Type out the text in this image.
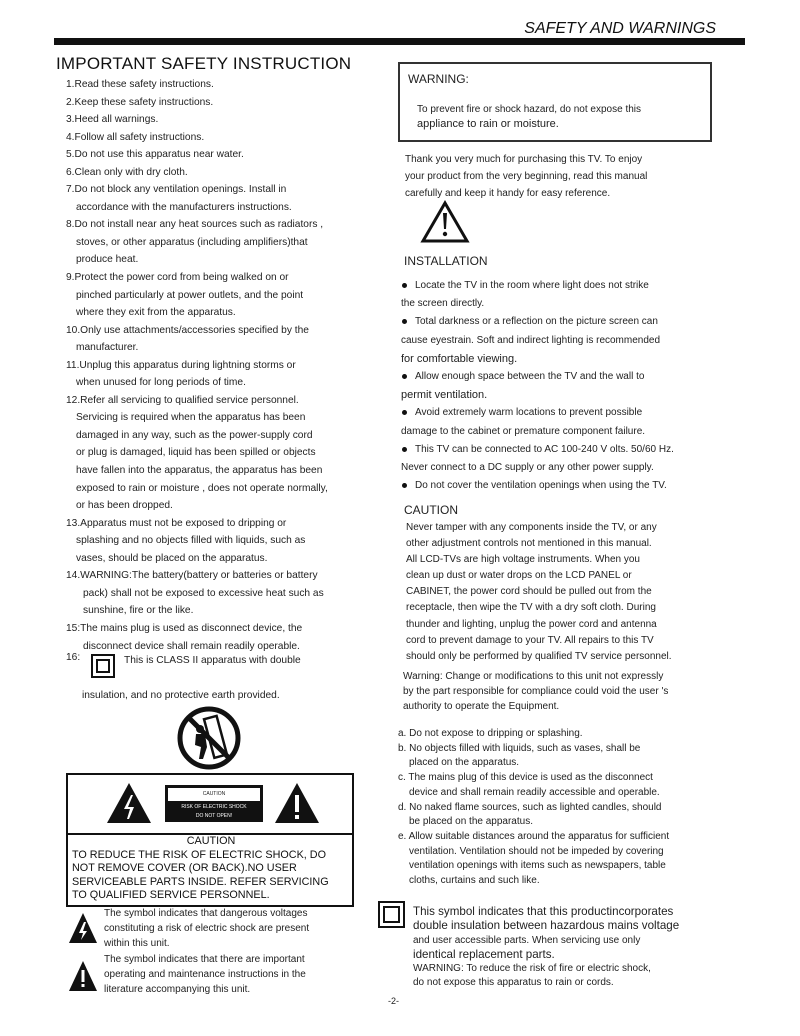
SAFETY AND WARNINGS
IMPORTANT SAFETY INSTRUCTION
1.Read these safety instructions.
2.Keep these safety instructions.
3.Heed all warnings.
4.Follow all safety instructions.
5.Do not use this apparatus near water.
6.Clean only with dry cloth.
7.Do not block any ventilation openings. Install in
accordance with the manufacturers instructions.
8.Do not install near any heat sources such as radiators ,
stoves, or other apparatus (including amplifiers)that
produce heat.
9.Protect the power cord from being walked on or
pinched particularly at power outlets, and the point
where they exit from the apparatus.
10.Only use attachments/accessories specified by the
manufacturer.
11.Unplug this apparatus during lightning storms or
when unused for long periods of time.
12.Refer all servicing to qualified service personnel.
Servicing is required when the apparatus has been
damaged in any way, such as the power-supply cord
or plug is damaged, liquid has been spilled or objects
have fallen into the apparatus, the apparatus has been
exposed to rain or moisture , does not operate normally,
or has been dropped.
13.Apparatus must not be exposed to dripping or
splashing and no objects filled with liquids, such as
vases, should be placed on the apparatus.
14.WARNING:The battery(battery or batteries or battery
pack) shall not be exposed to excessive heat such as
sunshine, fire or the like.
15:The mains plug is used as disconnect device, the
disconnect device shall remain readily operable.
16:	This is CLASS II apparatus with double
insulation, and no protective earth provided.
CAUTION
RISK OF ELECTRIC SHOCK
DO NOT OPEN!
CAUTION
TO REDUCE THE RISK OF ELECTRIC SHOCK, DO
NOT REMOVE COVER (OR BACK).NO USER
SERVICEABLE PARTS INSIDE. REFER SERVICING
TO QUALIFIED SERVICE PERSONNEL.
The symbol indicates that dangerous voltages
constituting a risk of electric shock are present
within this unit.
The symbol indicates that there are important
operating and maintenance instructions in the
literature accompanying this unit.
WARNING:
To prevent fire or shock hazard, do not expose this
appliance to rain or moisture.
Thank you very much for purchasing this TV. To enjoy
your product from the very beginning, read this manual
carefully and keep it handy for easy reference.
INSTALLATION
Locate the TV in the room where light does not strike
the screen directly.
Total darkness or a reflection on the picture screen can
cause eyestrain. Soft and indirect lighting is recommended
for comfortable viewing.
Allow enough space between the TV and the wall to
permit ventilation.
Avoid extremely warm locations to prevent possible
damage to the cabinet or premature component failure.
This TV can be connected to AC 100-240 V olts. 50/60 Hz.
Never connect to a DC supply or any other power supply.
Do not cover the ventilation openings when using the TV.
CAUTION
Never tamper with any components inside the TV, or any
other adjustment controls not mentioned in this manual.
All LCD-TVs are high voltage instruments. When you
clean up dust or water drops on the LCD PANEL or
CABINET, the power cord should be pulled out from the
receptacle, then wipe the TV with a dry soft cloth. During
thunder and lighting, unplug the power cord and antenna
cord to prevent damage to your TV. All repairs to this TV
should only be performed by qualified TV service personnel.
Warning: Change or modifications to this unit not expressly
by the part responsible for compliance could void the user 's
authority to operate the Equipment.
a. Do not expose to dripping or splashing.
b. No objects filled with liquids, such as vases, shall be
placed on the apparatus.
c. The mains plug of this device is used as the disconnect
device and shall remain readily accessible and operable.
d. No naked flame sources, such as lighted candles, should
be placed on the apparatus.
e. Allow suitable distances around the apparatus for sufficient
ventilation. Ventilation should not be impeded by covering
ventilation openings with items such as newspapers, table
cloths, curtains and such like.
This symbol indicates that this productincorporates
double insulation between hazardous mains voltage
and user accessible parts. When servicing use only
identical replacement parts.
WARNING: To reduce the risk of fire or electric shock,
do not expose this apparatus to rain or cords.
-2-
